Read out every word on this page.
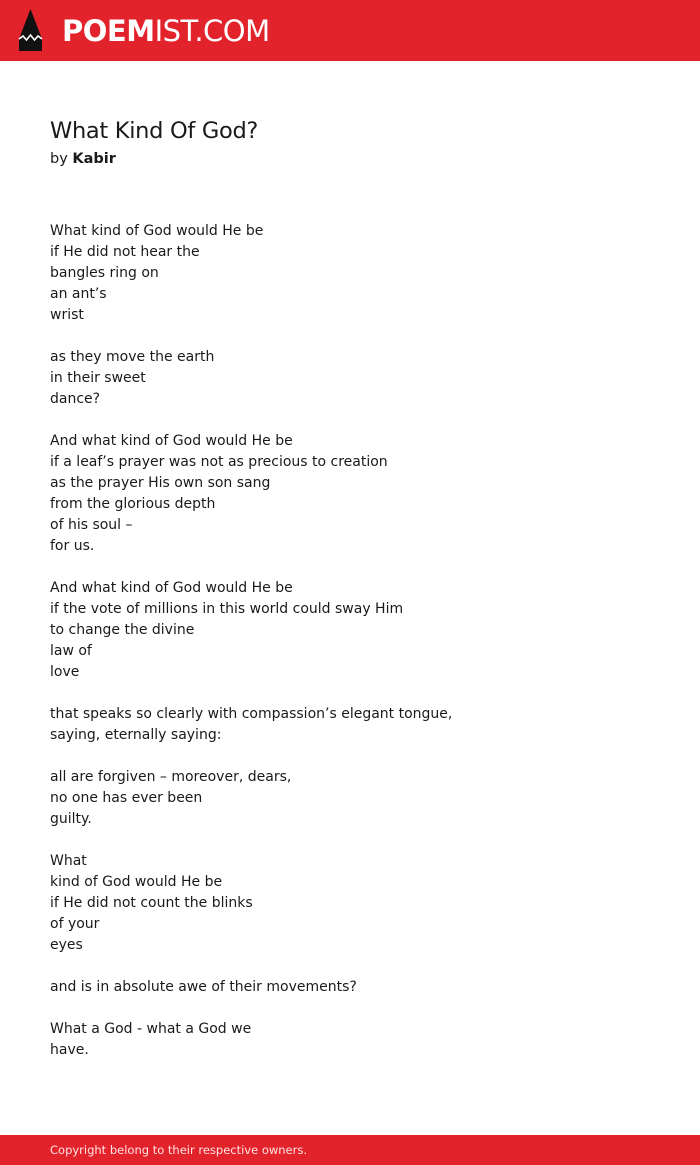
POEMIST.COM
What Kind Of God?
by Kabir
What kind of God would He be
if He did not hear the
bangles ring on
an ant’s
wrist
as they move the earth
in their sweet
dance?
And what kind of God would He be
if a leaf’s prayer was not as precious to creation
as the prayer His own son sang
from the glorious depth
of his soul –
for us.
And what kind of God would He be
if the vote of millions in this world could sway Him
to change the divine
law of
love
that speaks so clearly with compassion’s elegant tongue,
saying, eternally saying:
all are forgiven – moreover, dears,
no one has ever been
guilty.
What
kind of God would He be
if He did not count the blinks
of your
eyes
and is in absolute awe of their movements?
What a God - what a God we
have.
Copyright belong to their respective owners.
